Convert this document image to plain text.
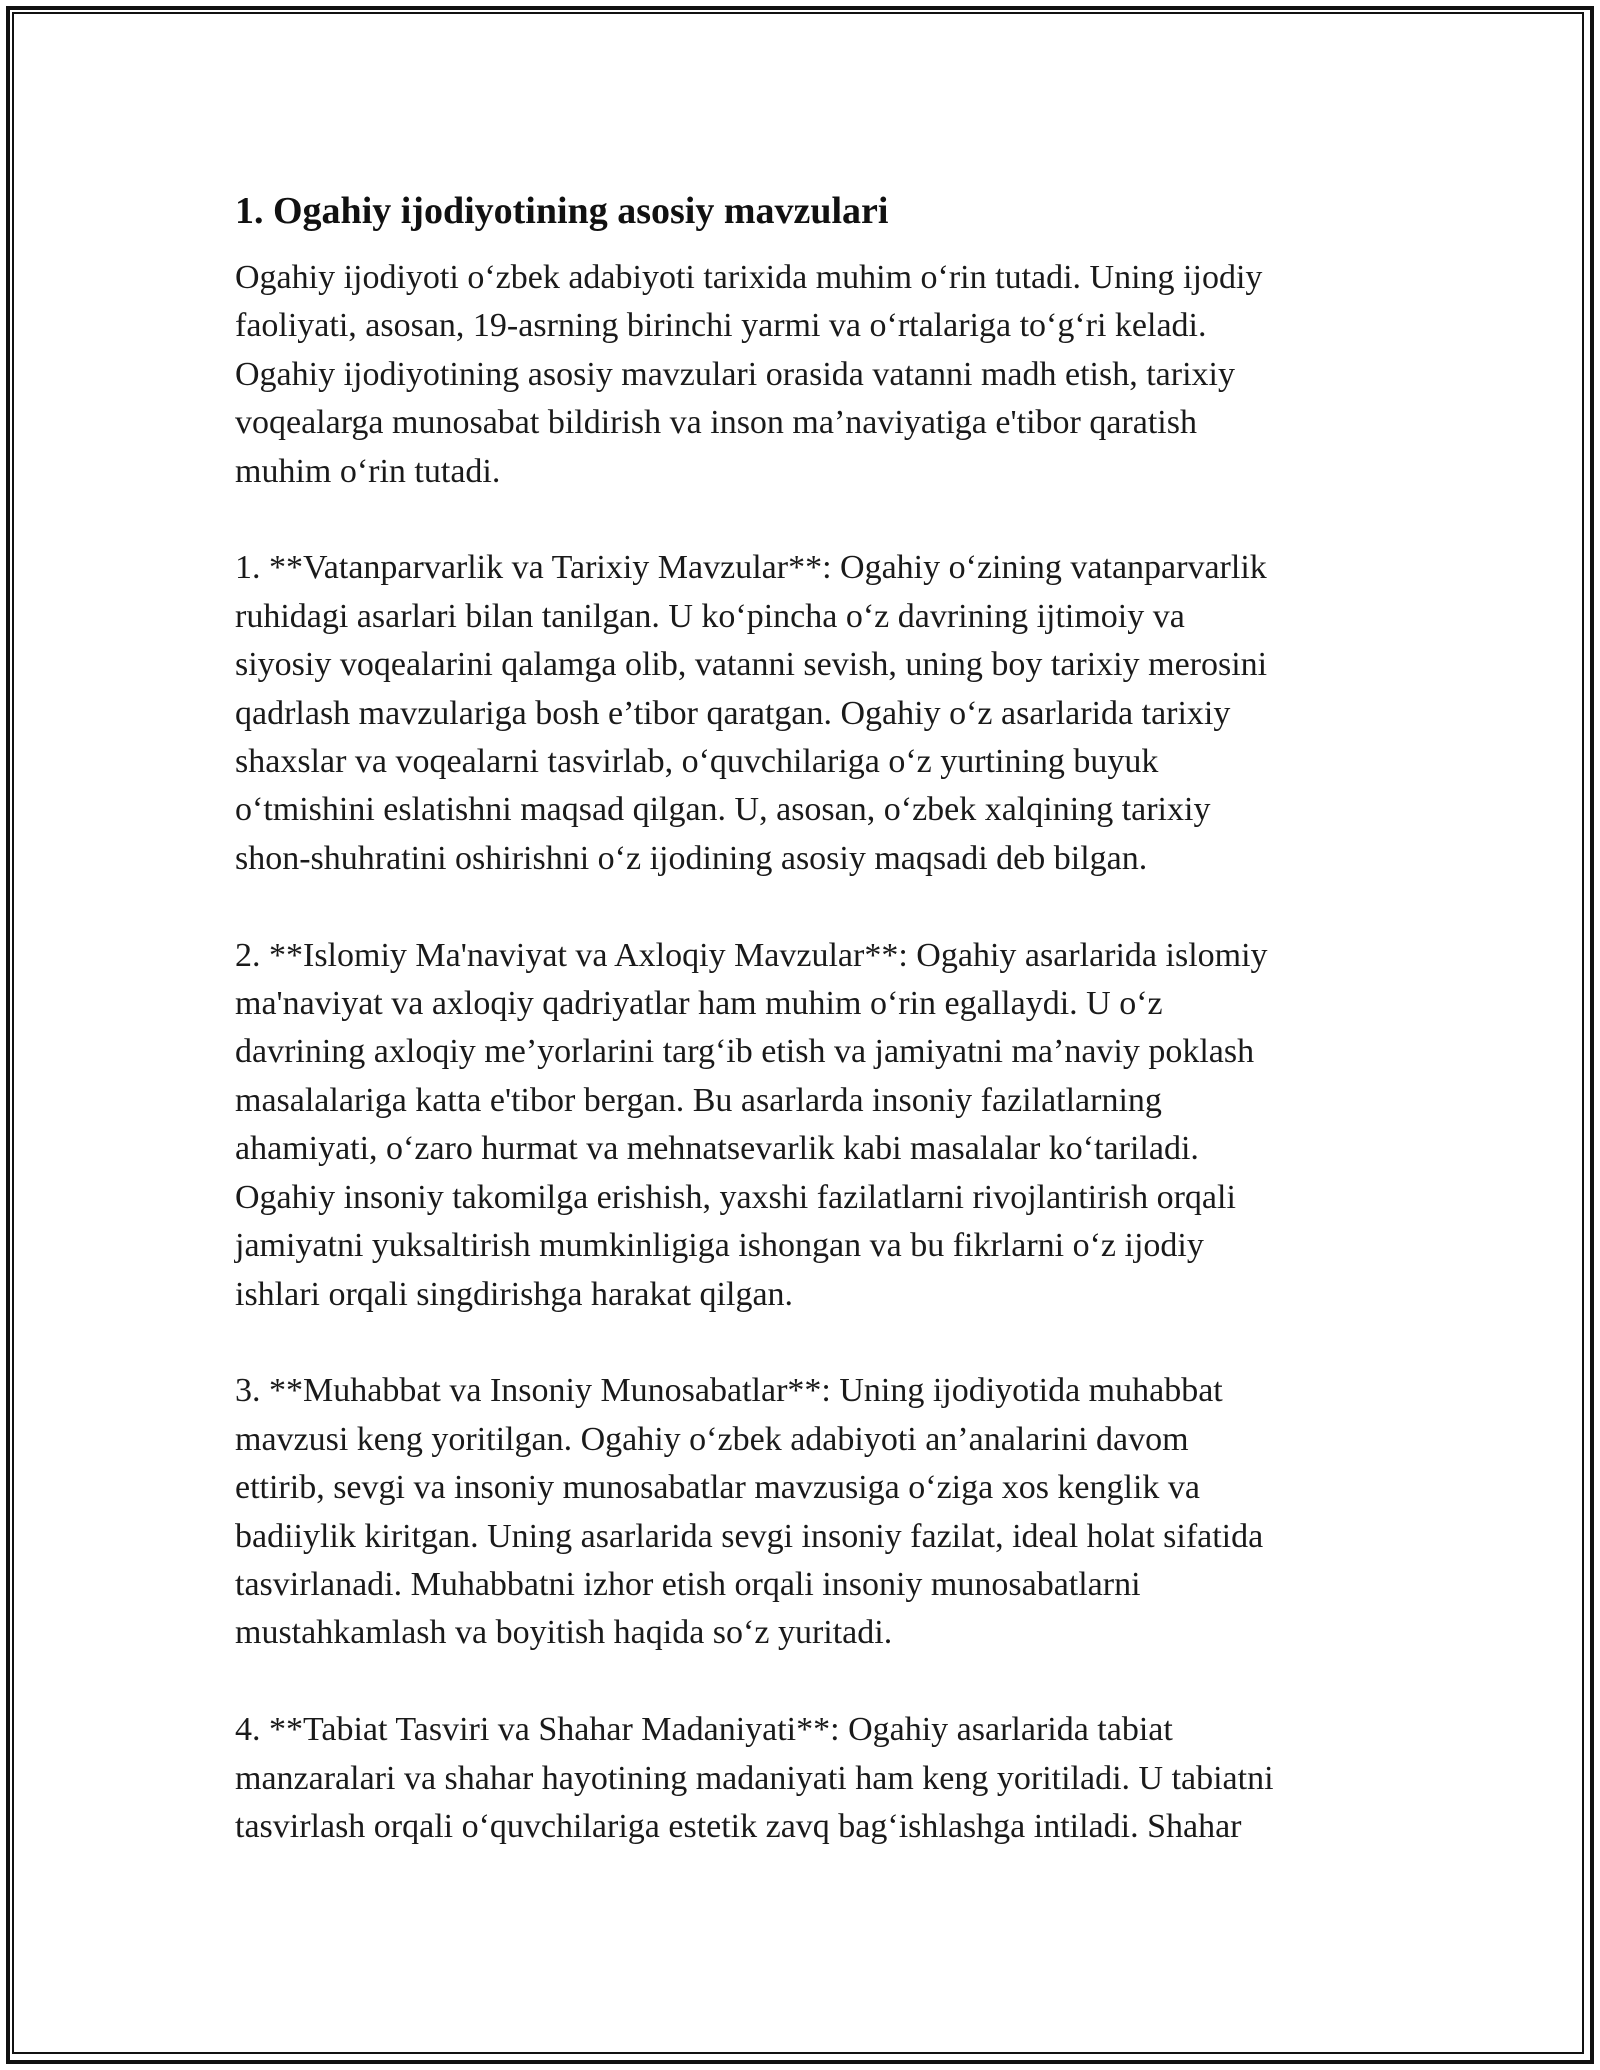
1. Ogahiy ijodiyotining asosiy mavzulari

Ogahiy ijodiyoti o‘zbek adabiyoti tarixida muhim o‘rin tutadi. Uning ijodiy
faoliyati, asosan, 19-asrning birinchi yarmi va o‘rtalariga to‘g‘ri keladi.
Ogahiy ijodiyotining asosiy mavzulari orasida vatanni madh etish, tarixiy
voqealarga munosabat bildirish va inson ma’naviyatiga e'tibor qaratish
muhim o‘rin tutadi.

1. **Vatanparvarlik va Tarixiy Mavzular**: Ogahiy o‘zining vatanparvarlik
ruhidagi asarlari bilan tanilgan. U ko‘pincha o‘z davrining ijtimoiy va
siyosiy voqealarini qalamga olib, vatanni sevish, uning boy tarixiy merosini
qadrlash mavzulariga bosh e’tibor qaratgan. Ogahiy o‘z asarlarida tarixiy
shaxslar va voqealarni tasvirlab, o‘quvchilariga o‘z yurtining buyuk
o‘tmishini eslatishni maqsad qilgan. U, asosan, o‘zbek xalqining tarixiy
shon-shuhratini oshirishni o‘z ijodining asosiy maqsadi deb bilgan.

2. **Islomiy Ma'naviyat va Axloqiy Mavzular**: Ogahiy asarlarida islomiy
ma'naviyat va axloqiy qadriyatlar ham muhim o‘rin egallaydi. U o‘z
davrining axloqiy me’yorlarini targ‘ib etish va jamiyatni ma’naviy poklash
masalalariga katta e'tibor bergan. Bu asarlarda insoniy fazilatlarning
ahamiyati, o‘zaro hurmat va mehnatsevarlik kabi masalalar ko‘tariladi.
Ogahiy insoniy takomilga erishish, yaxshi fazilatlarni rivojlantirish orqali
jamiyatni yuksaltirish mumkinligiga ishongan va bu fikrlarni o‘z ijodiy
ishlari orqali singdirishga harakat qilgan.

3. **Muhabbat va Insoniy Munosabatlar**: Uning ijodiyotida muhabbat
mavzusi keng yoritilgan. Ogahiy o‘zbek adabiyoti an’analarini davom
ettirib, sevgi va insoniy munosabatlar mavzusiga o‘ziga xos kenglik va
badiiylik kiritgan. Uning asarlarida sevgi insoniy fazilat, ideal holat sifatida
tasvirlanadi. Muhabbatni izhor etish orqali insoniy munosabatlarni
mustahkamlash va boyitish haqida so‘z yuritadi.

4. **Tabiat Tasviri va Shahar Madaniyati**: Ogahiy asarlarida tabiat
manzaralari va shahar hayotining madaniyati ham keng yoritiladi. U tabiatni
tasvirlash orqali o‘quvchilariga estetik zavq bag‘ishlashga intiladi. Shahar
